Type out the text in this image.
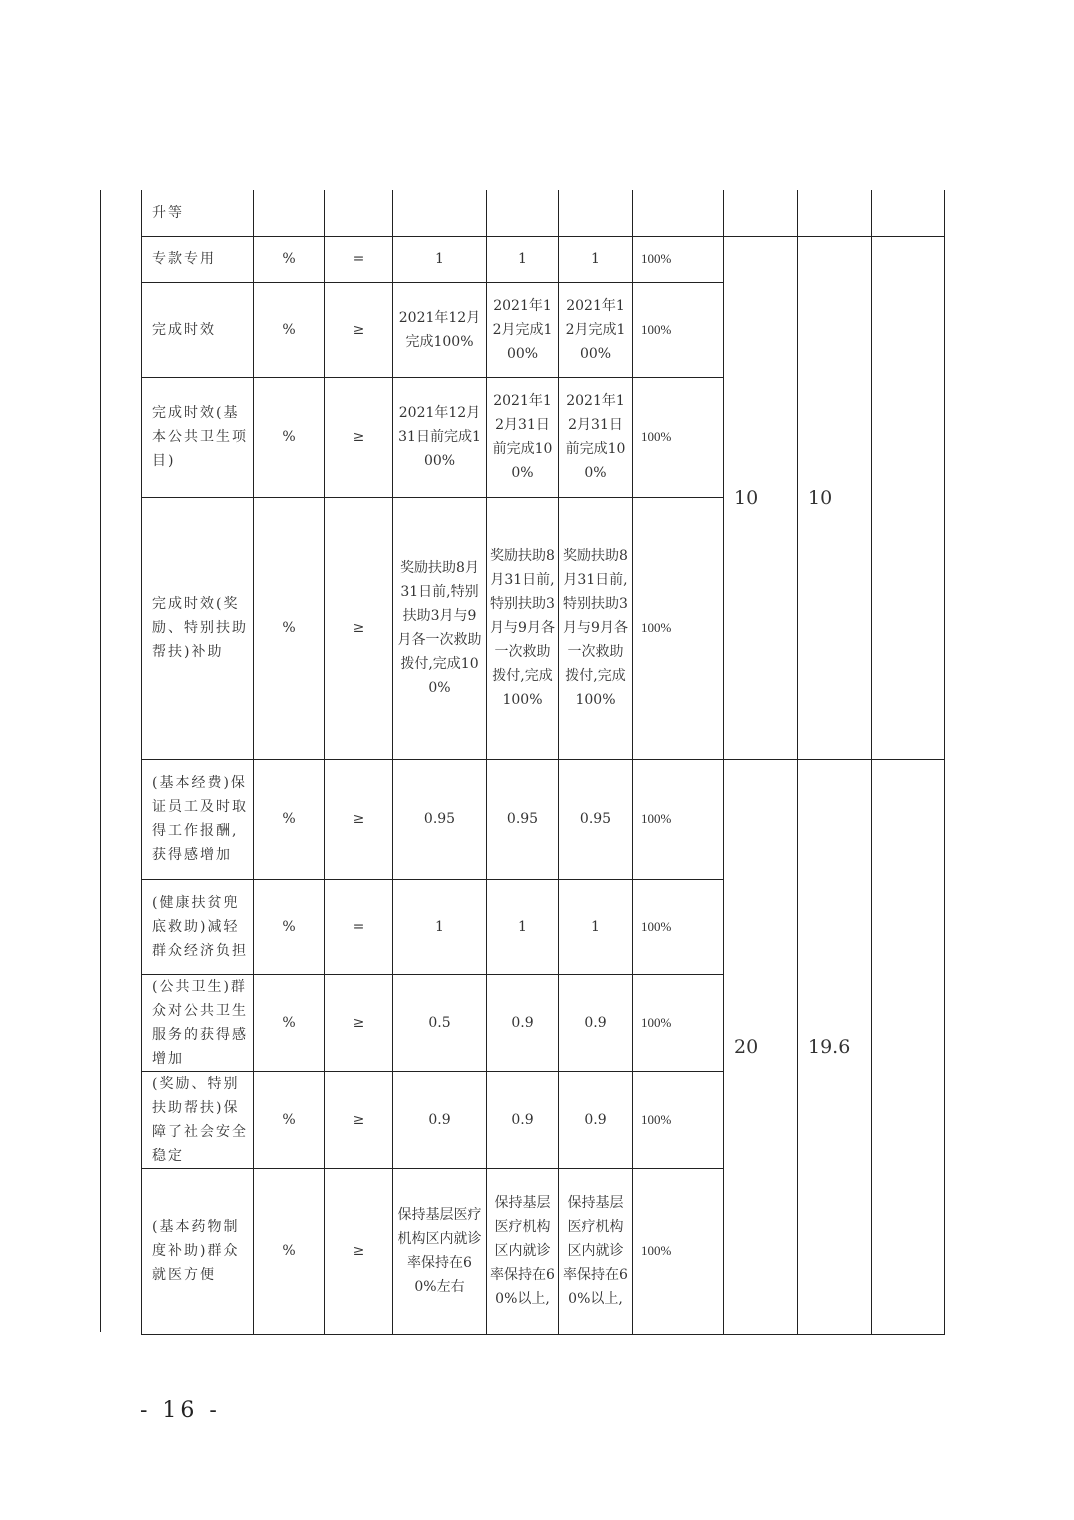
升等									
专款专用	%	=	1	1	1	100%	10	10	
完成时效	%	≥	2021年12月完成100%	2021年12月完成100%	2021年12月完成100%	100%			
完成时效(基本公共卫生项目)	%	≥	2021年12月31日前完成100%	2021年12月31日前完成100%	2021年12月31日前完成100%	100%			
完成时效(奖励、特别扶助帮扶)补助	%	≥	奖励扶助8月31日前,特别扶助3月与9月各一次救助拨付,完成100%	奖励扶助8月31日前,特别扶助3月与9月各一次救助拨付,完成100%	奖励扶助8月31日前,特别扶助3月与9月各一次救助拨付,完成100%	100%			
(基本经费)保证员工及时取得工作报酬,获得感增加	%	≥	0.95	0.95	0.95	100%	20	19.6	
(健康扶贫兜底救助)减轻群众经济负担	%	=	1	1	1	100%			
(公共卫生)群众对公共卫生服务的获得感增加	%	≥	0.5	0.9	0.9	100%			
(奖励、特别扶助帮扶)保障了社会安全稳定	%	≥	0.9	0.9	0.9	100%			
(基本药物制度补助)群众就医方便	%	≥	保持基层医疗机构区内就诊率保持在60%左右	保持基层医疗机构区内就诊率保持在60%以上,	保持基层医疗机构区内就诊率保持在60%以上,	100%			
- 16 -
